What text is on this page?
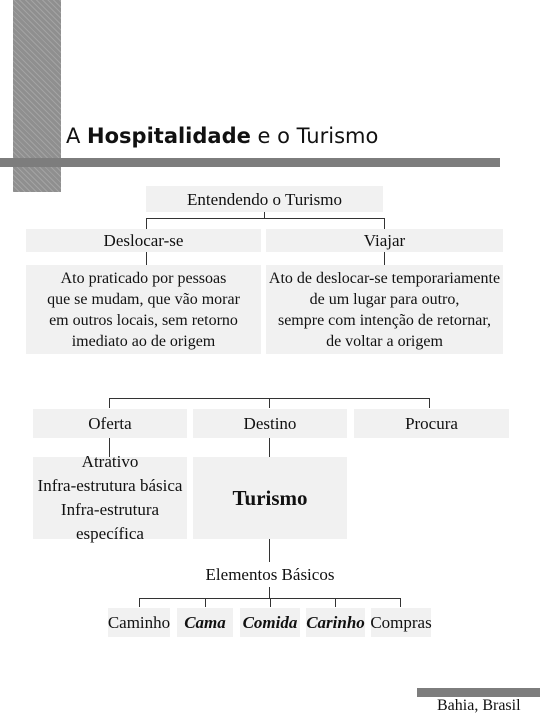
A Hospitalidade e o Turismo
Entendendo o Turismo
Deslocar-se	Viajar
Ato praticado por pessoas
que se mudam, que vão morar
em outros locais, sem retorno
imediato ao de origem
Ato de deslocar-se temporariamente
de um lugar para outro,
sempre com intenção de retornar,
de voltar a origem
Oferta	Destino	Procura
Atrativo
Infra-estrutura básica
Infra-estrutura específica
Turismo
Elementos Básicos
Caminho Cama Comida Carinho Compras
Bahia, Brasil
